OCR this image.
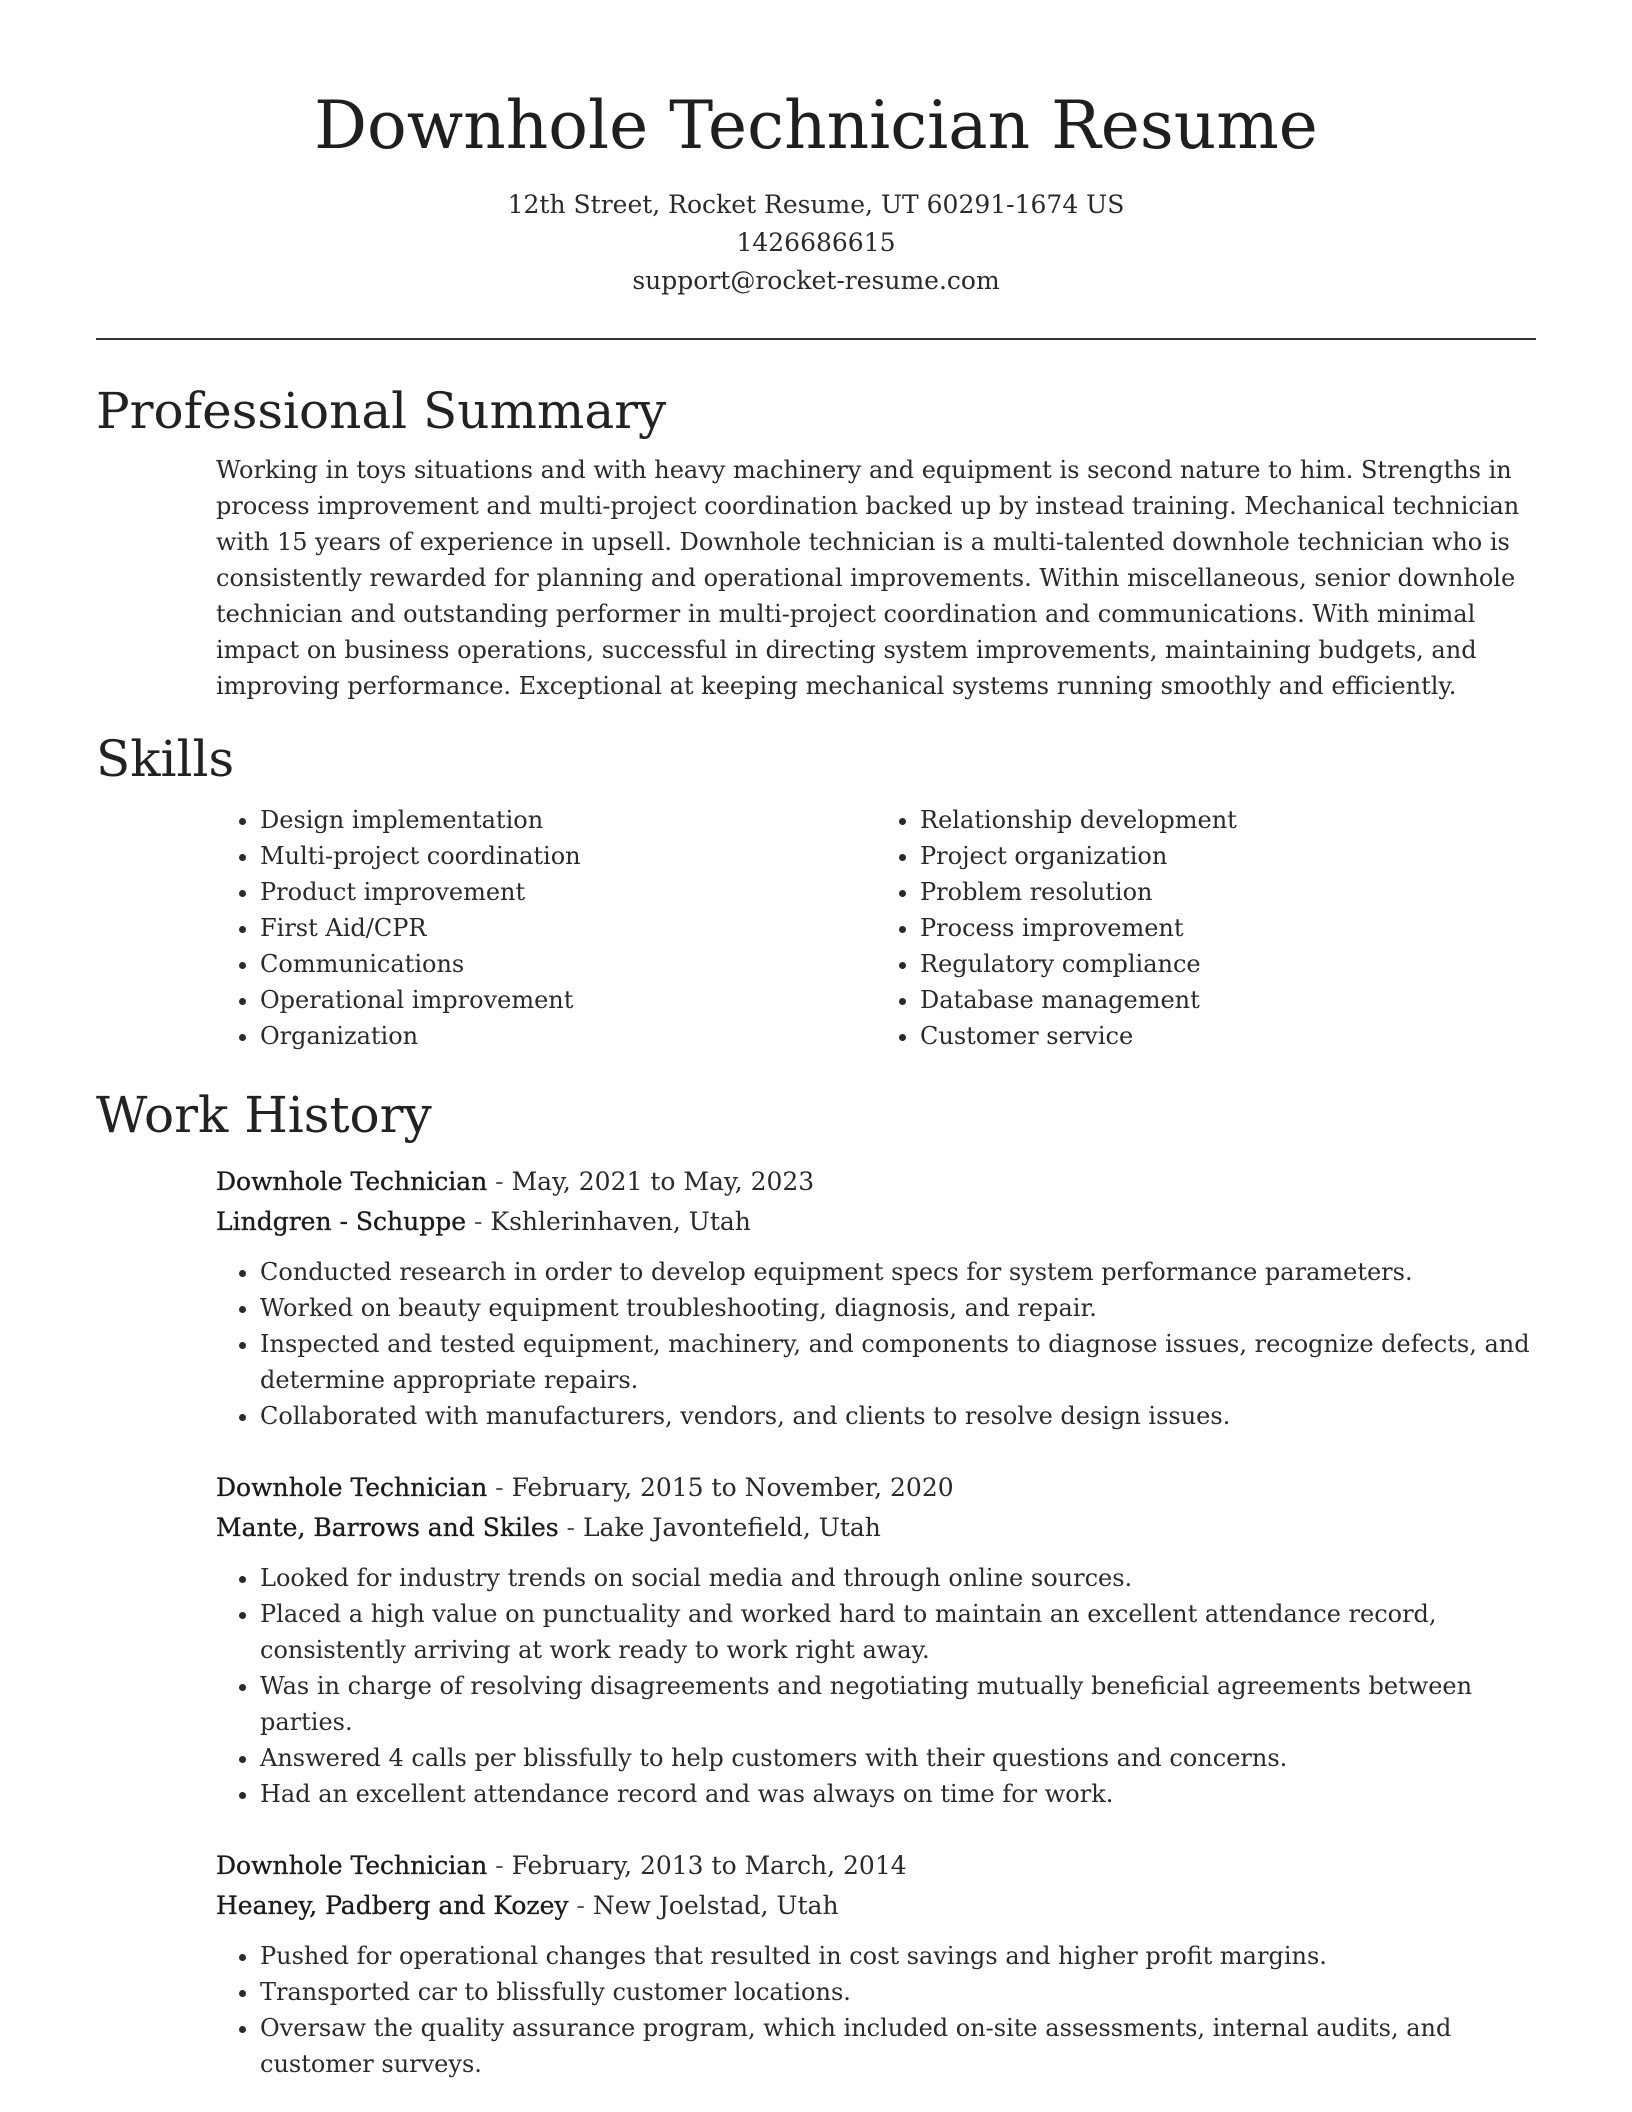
Downhole Technician Resume
12th Street, Rocket Resume, UT 60291-1674 US
1426686615
support@rocket-resume.com
Professional Summary

Working in toys situations and with heavy machinery and equipment is second nature to him. Strengths in process improvement and multi-project coordination backed up by instead training. Mechanical technician with 15 years of experience in upsell. Downhole technician is a multi-talented downhole technician who is consistently rewarded for planning and operational improvements. Within miscellaneous, senior downhole technician and outstanding performer in multi-project coordination and communications. With minimal impact on business operations, successful in directing system improvements, maintaining budgets, and improving performance. Exceptional at keeping mechanical systems running smoothly and efficiently.

Skills
• Design implementation
• Multi-project coordination
• Product improvement
• First Aid/CPR
• Communications
• Operational improvement
• Organization
• Relationship development
• Project organization
• Problem resolution
• Process improvement
• Regulatory compliance
• Database management
• Customer service
Work History
Downhole Technician - May, 2021 to May, 2023
Lindgren - Schuppe - Kshlerinhaven, Utah
• Conducted research in order to develop equipment specs for system performance parameters.
• Worked on beauty equipment troubleshooting, diagnosis, and repair.
• Inspected and tested equipment, machinery, and components to diagnose issues, recognize defects, and determine appropriate repairs.
• Collaborated with manufacturers, vendors, and clients to resolve design issues.
Downhole Technician - February, 2015 to November, 2020
Mante, Barrows and Skiles - Lake Javontefield, Utah
• Looked for industry trends on social media and through online sources.
• Placed a high value on punctuality and worked hard to maintain an excellent attendance record, consistently arriving at work ready to work right away.
• Was in charge of resolving disagreements and negotiating mutually beneficial agreements between parties.
• Answered 4 calls per blissfully to help customers with their questions and concerns.
• Had an excellent attendance record and was always on time for work.
Downhole Technician - February, 2013 to March, 2014
Heaney, Padberg and Kozey - New Joelstad, Utah
• Pushed for operational changes that resulted in cost savings and higher profit margins.
• Transported car to blissfully customer locations.
• Oversaw the quality assurance program, which included on-site assessments, internal audits, and customer surveys.
